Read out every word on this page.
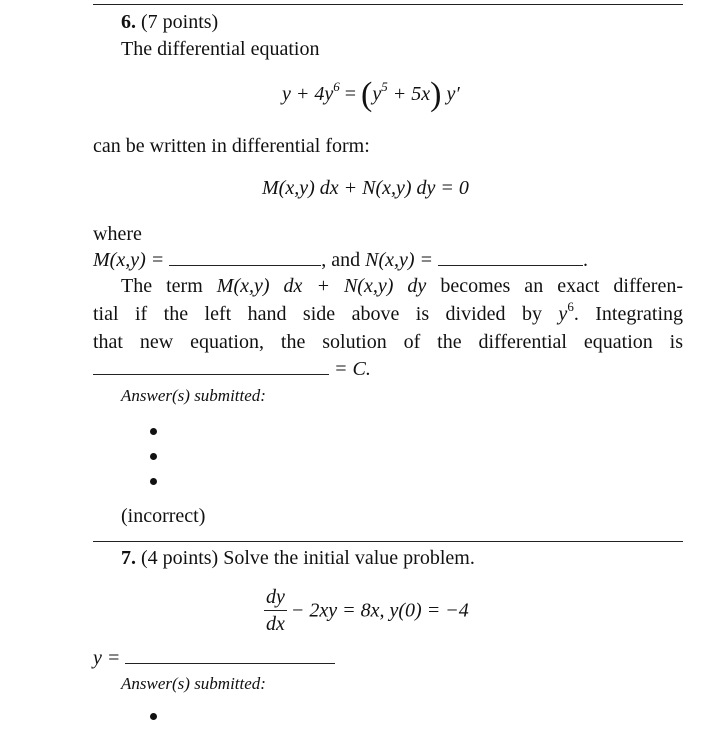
6. (7 points)
The differential equation
$y + 4y^6 = (y^5 + 5x)$ y′
can be written in differential form:
M(x,y) dx + N(x,y) dy = 0
where
M(x,y) =	, and N(x,y) =	.
The term M(x,y) dx + N(x,y) dy becomes an exact differen-
tial if the left hand side above is divided by $y^6$. Integrating
that new equation, the solution of the differential equation is
= C.
Answer(s) submitted:
(incorrect)
7. (4 points) Solve the initial value problem.
$\frac{dy}{dx} - 2xy = 8x$, y(0) = −4
y =
Answer(s) submitted:
